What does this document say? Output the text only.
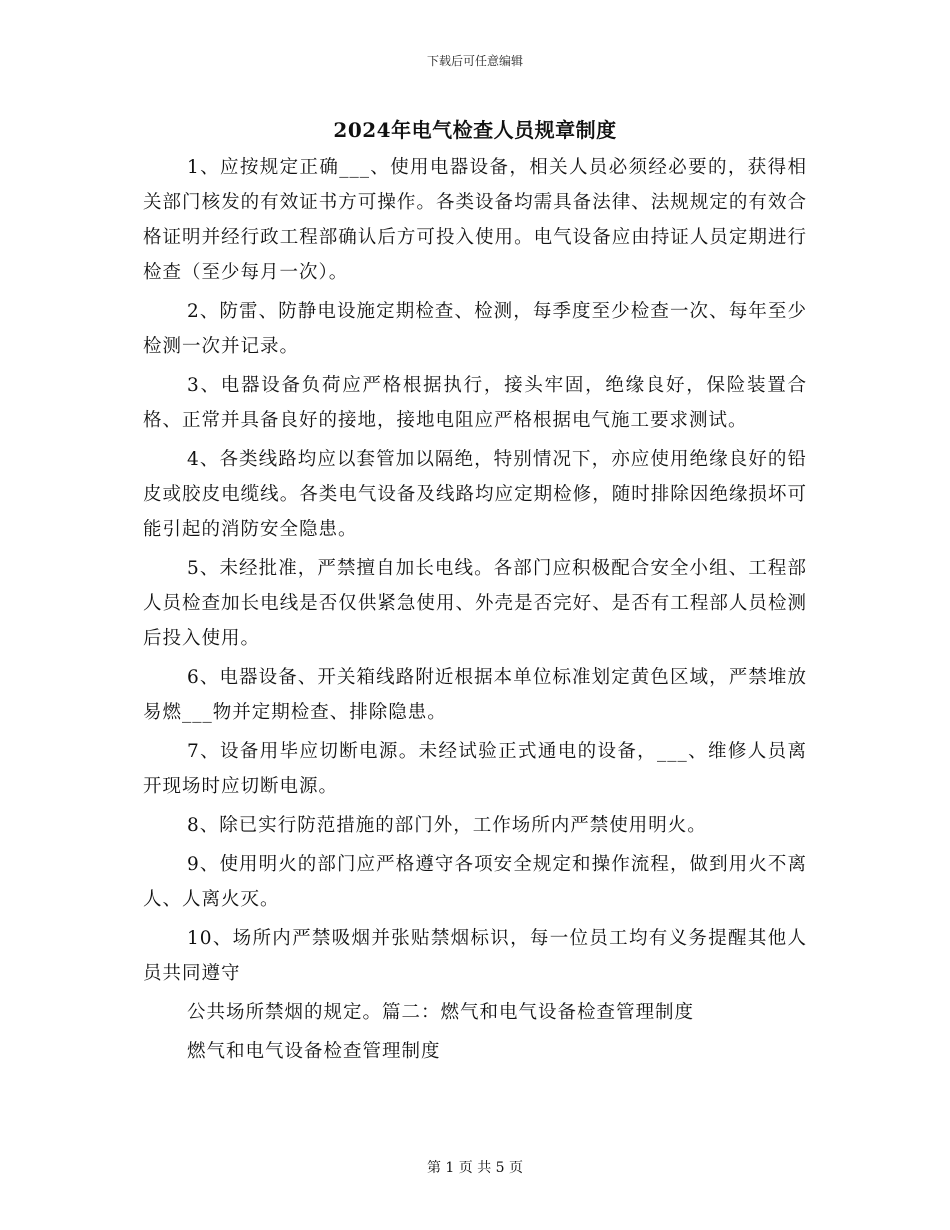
下载后可任意编辑
2024年电气检查人员规章制度

1、应按规定正确___、使用电器设备，相关人员必须经必要的，获得相关部门核发的有效证书方可操作。各类设备均需具备法律、法规规定的有效合格证明并经行政工程部确认后方可投入使用。电气设备应由持证人员定期进行检查（至少每月一次）。

2、防雷、防静电设施定期检查、检测，每季度至少检查一次、每年至少检测一次并记录。

3、电器设备负荷应严格根据执行，接头牢固，绝缘良好，保险装置合格、正常并具备良好的接地，接地电阻应严格根据电气施工要求测试。

4、各类线路均应以套管加以隔绝，特别情况下，亦应使用绝缘良好的铅皮或胶皮电缆线。各类电气设备及线路均应定期检修，随时排除因绝缘损坏可能引起的消防安全隐患。

5、未经批准，严禁擅自加长电线。各部门应积极配合安全小组、工程部人员检查加长电线是否仅供紧急使用、外壳是否完好、是否有工程部人员检测后投入使用。

6、电器设备、开关箱线路附近根据本单位标准划定黄色区域，严禁堆放易燃___物并定期检查、排除隐患。

7、设备用毕应切断电源。未经试验正式通电的设备，___、维修人员离开现场时应切断电源。

8、除已实行防范措施的部门外，工作场所内严禁使用明火。

9、使用明火的部门应严格遵守各项安全规定和操作流程，做到用火不离人、人离火灭。

10、场所内严禁吸烟并张贴禁烟标识，每一位员工均有义务提醒其他人员共同遵守

公共场所禁烟的规定。篇二：燃气和电气设备检查管理制度

燃气和电气设备检查管理制度

第 1 页 共 5 页
